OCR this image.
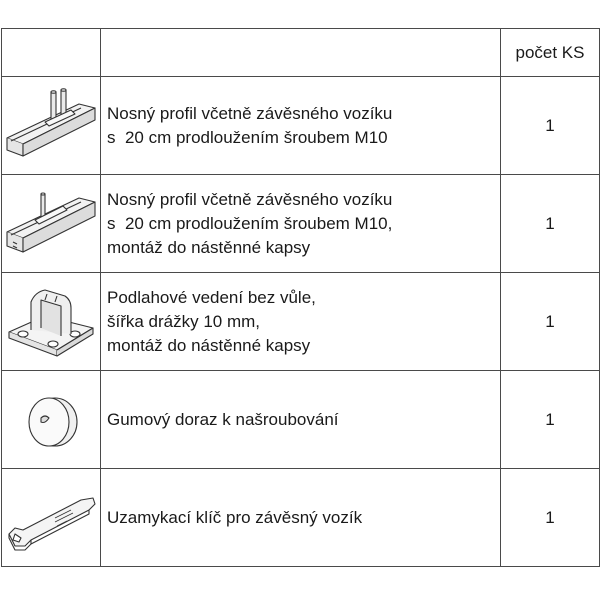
		počet KS

Nosný profil včetně závěsného vozíku
s  20 cm prodloužením šroubem M10	1

Nosný profil včetně závěsného vozíku
s  20 cm prodloužením šroubem M10,
montáž do nástěnné kapsy	1

Podlahové vedení bez vůle,
šířka drážky 10 mm,
montáž do nástěnné kapsy	1

Gumový doraz k našroubování	1

Uzamykací klíč pro závěsný vozík	1
